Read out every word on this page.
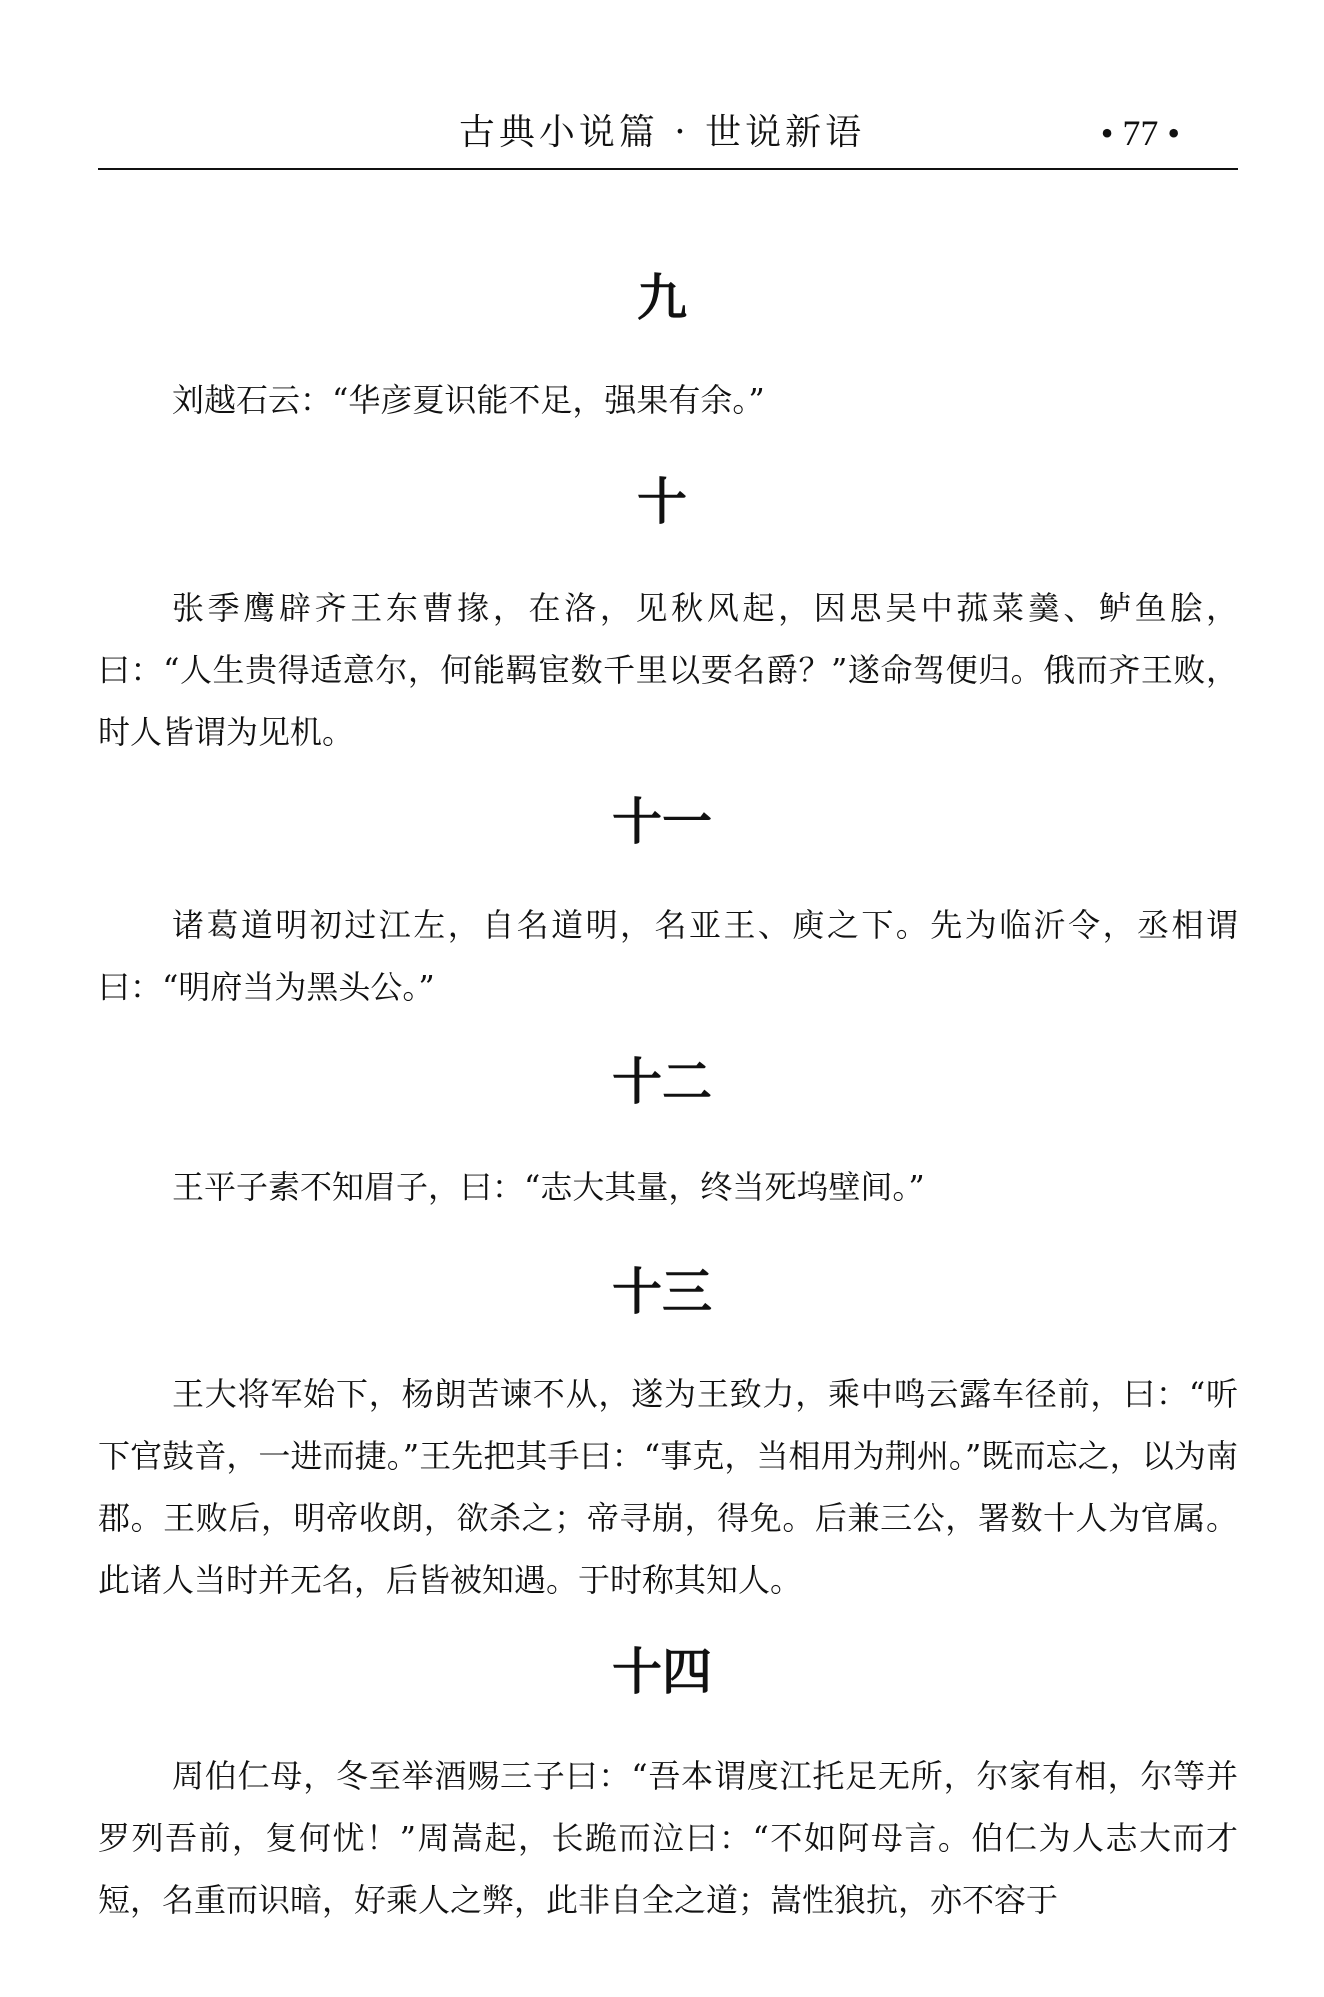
古典小说篇 · 世说新语	• 77 •
九
刘越石云：“华彦夏识能不足，强果有余。”
十
张季鹰辟齐王东曹掾，在洛，见秋风起，因思吴中菰菜羹、鲈鱼脍，曰：“人生贵得适意尔，何能羁宦数千里以要名爵？”遂命驾便归。俄而齐王败，时人皆谓为见机。
十一
诸葛道明初过江左，自名道明，名亚王、庾之下。先为临沂令，丞相谓曰：“明府当为黑头公。”
十二
王平子素不知眉子，曰：“志大其量，终当死坞壁间。”
十三
王大将军始下，杨朗苦谏不从，遂为王致力，乘中鸣云露车径前，曰：“听下官鼓音，一进而捷。”王先把其手曰：“事克，当相用为荆州。”既而忘之，以为南郡。王败后，明帝收朗，欲杀之；帝寻崩，得免。后兼三公，署数十人为官属。此诸人当时并无名，后皆被知遇。于时称其知人。
十四
周伯仁母，冬至举酒赐三子曰：“吾本谓度江托足无所，尔家有相，尔等并罗列吾前，复何忧！”周嵩起，长跪而泣曰：“不如阿母言。伯仁为人志大而才短，名重而识暗，好乘人之弊，此非自全之道；嵩性狼抗，亦不容于
